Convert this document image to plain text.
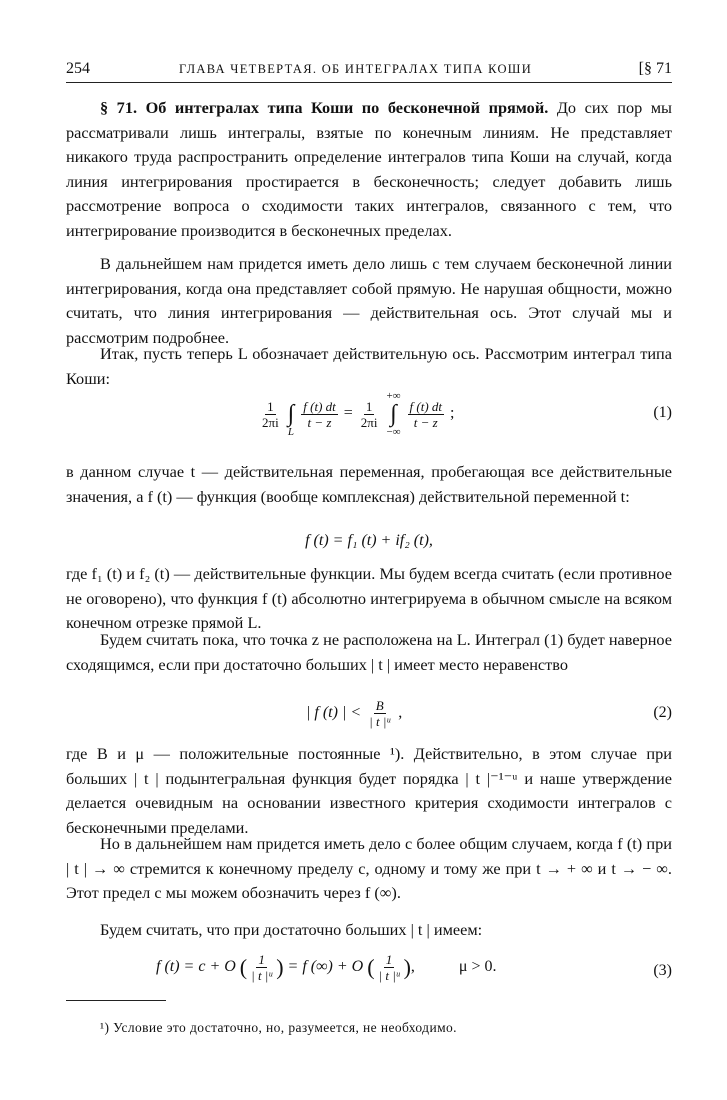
254	ГЛАВА ЧЕТВЕРТАЯ. ОБ ИНТЕГРАЛАХ ТИПА КОШИ	[§ 71

§ 71. Об интегралах типа Коши по бесконечной прямой. До сих пор мы рассматривали лишь интегралы, взятые по конечным линиям. Не представляет никакого труда распространить определение интегралов типа Коши на случай, когда линия интегрирования простирается в бесконечность; следует добавить лишь рассмотрение вопроса о сходимости таких интегралов, связанного с тем, что интегрирование производится в бесконечных пределах.

В дальнейшем нам придется иметь дело лишь с тем случаем бесконечной линии интегрирования, когда она представляет собой прямую. Не нарушая общности, можно считать, что линия интегрирования — действительная ось. Этот случай мы и рассмотрим подробнее.

Итак, пусть теперь L обозначает действительную ось. Рассмотрим интеграл типа Коши:

$\frac{1}{2\pi i}$

∫
L

$\frac{f (t) dt}{t - z} = \frac{1}{2\pi i}$

+∞
∫
−∞

$\frac{f (t) dt}{t - z}$ ;	(1)

в данном случае t — действительная переменная, пробегающая все действительные значения, а f (t) — функция (вообще комплексная) действительной переменной t:

f (t) = f₁ (t) + if₂ (t),

где f₁ (t) и f₂ (t) — действительные функции. Мы будем всегда считать (если противное не оговорено), что функция f (t) абсолютно интегрируема в обычном смысле на всяком конечном отрезке прямой L.

Будем считать пока, что точка z не расположена на L. Интеграл (1) будет наверное сходящимся, если при достаточно больших | t | имеет место неравенство

| f (t) | < $\frac{B}{\text{| t |ᵘ}}$ ,	(2)

где B и μ — положительные постоянные ¹). Действительно, в этом случае при больших | t | подынтегральная функция будет порядка | t |⁻¹⁻ᵘ и наше утверждение делается очевидным на основании известного критерия сходимости интегралов с бесконечными пределами.

Но в дальнейшем нам придется иметь дело с более общим случаем, когда f (t) при | t | → ∞ стремится к конечному пределу c, одному и тому же при t → + ∞ и t → − ∞. Этот предел c мы можем обозначить через f (∞).

Будем считать, что при достаточно больших | t | имеем:

f (t) = c + O ( $\frac{1}{\text{| t |ᵘ}}$ ) = f (∞) + O ( $\frac{1}{\text{| t |ᵘ}}$ ),	μ > 0.	(3)
¹) Условие это достаточно, но, разумеется, не необходимо.
